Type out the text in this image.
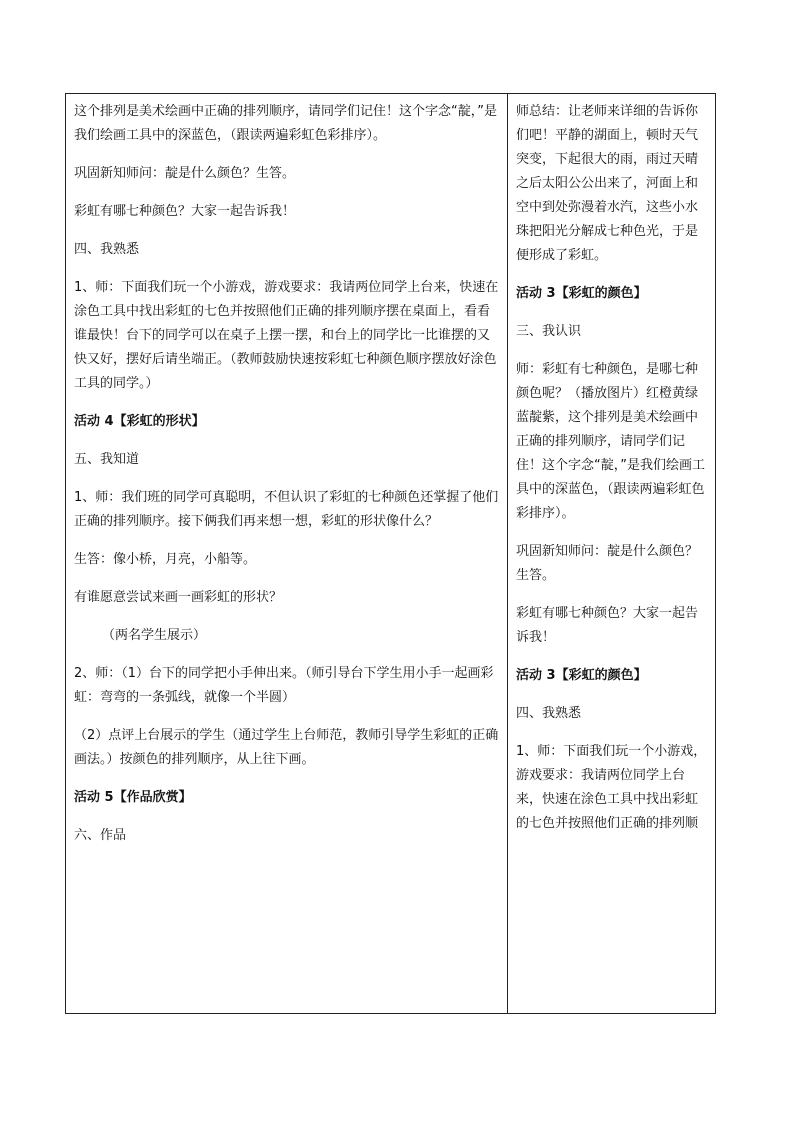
这个排列是美术绘画中正确的排列顺序，请同学们记住！这个字念“靛，”是我们绘画工具中的深蓝色，（跟读两遍彩虹色彩排序）。

巩固新知师问：靛是什么颜色？生答。

彩虹有哪七种颜色？大家一起告诉我！

四、我熟悉

1、师：下面我们玩一个小游戏，游戏要求：我请两位同学上台来，快速在涂色工具中找出彩虹的七色并按照他们正确的排列顺序摆在桌面上，看看谁最快！台下的同学可以在桌子上摆一摆，和台上的同学比一比谁摆的又快又好，摆好后请坐端正。（教师鼓励快速按彩虹七种颜色顺序摆放好涂色工具的同学。）

活动 4【彩虹的形状】

五、我知道

1、师：我们班的同学可真聪明，不但认识了彩虹的七种颜色还掌握了他们正确的排列顺序。接下俩我们再来想一想，彩虹的形状像什么？

生答：像小桥，月亮，小船等。

有谁愿意尝试来画一画彩虹的形状？

（两名学生展示）

2、师：（1）台下的同学把小手伸出来。（师引导台下学生用小手一起画彩虹：弯弯的一条弧线，就像一个半圆）

（2）点评上台展示的学生（通过学生上台师范，教师引导学生彩虹的正确画法。）按颜色的排列顺序，从上往下画。

活动 5【作品欣赏】

六、作品

师总结：让老师来详细的告诉你们吧！平静的湖面上，顿时天气突变，下起很大的雨，雨过天晴之后太阳公公出来了，河面上和空中到处弥漫着水汽，这些小水珠把阳光分解成七种色光，于是便形成了彩虹。

活动 3【彩虹的颜色】

三、我认识

师：彩虹有七种颜色，是哪七种颜色呢？（播放图片）红橙黄绿蓝靛紫，这个排列是美术绘画中正确的排列顺序，请同学们记住！这个字念“靛，”是我们绘画工具中的深蓝色，（跟读两遍彩虹色彩排序）。

巩固新知师问：靛是什么颜色？生答。

彩虹有哪七种颜色？大家一起告诉我！

活动 3【彩虹的颜色】

四、我熟悉

1、师：下面我们玩一个小游戏，游戏要求：我请两位同学上台来，快速在涂色工具中找出彩虹的七色并按照他们正确的排列顺
